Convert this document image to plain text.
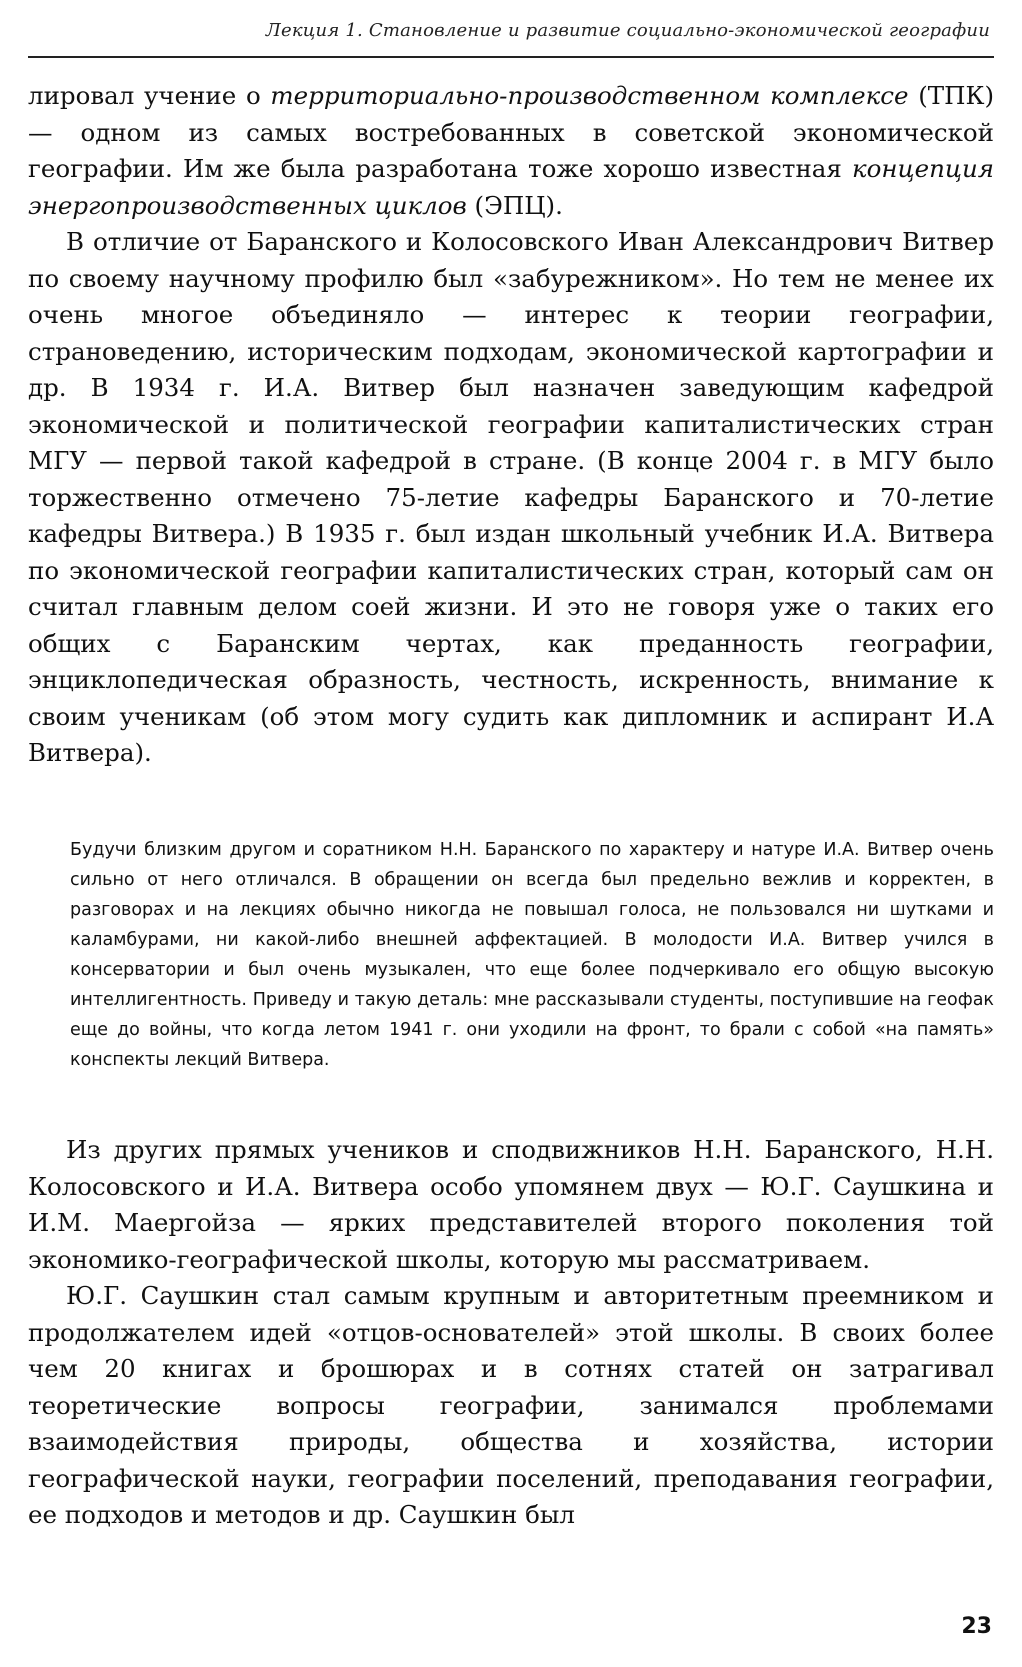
Лекция 1. Становление и развитие социально-экономической географии

лировал учение о территориально-производственном комплексе (ТПК) — одном из самых востребованных в советской экономической географии. Им же была разработана тоже хорошо известная концепция энергопроизводственных циклов (ЭПЦ).

В отличие от Баранского и Колосовского Иван Александрович Витвер по своему научному профилю был «забурежником». Но тем не менее их очень многое объединяло — интерес к теории географии, страноведению, историческим подходам, экономической картографии и др. В 1934 г. И.А. Витвер был назначен заведующим кафедрой экономической и политической географии капиталистических стран МГУ — первой такой кафедрой в стране. (В конце 2004 г. в МГУ было торжественно отмечено 75-летие кафедры Баранского и 70-летие кафедры Витвера.) В 1935 г. был издан школьный учебник И.А. Витвера по экономической географии капиталистических стран, который сам он считал главным делом соей жизни. И это не говоря уже о таких его общих с Баранским чертах, как преданность географии, энциклопедическая образность, честность, искренность, внимание к своим ученикам (об этом могу судить как дипломник и аспирант И.А Витвера).

Будучи близким другом и соратником Н.Н. Баранского по характеру и натуре И.А. Витвер очень сильно от него отличался. В обращении он всегда был предельно вежлив и корректен, в разговорах и на лекциях обычно никогда не повышал голоса, не пользовался ни шутками и каламбурами, ни какой-либо внешней аффектацией. В молодости И.А. Витвер учился в консерватории и был очень музыкален, что еще более подчеркивало его общую высокую интеллигентность. Приведу и такую деталь: мне рассказывали студенты, поступившие на геофак еще до войны, что когда летом 1941 г. они уходили на фронт, то брали с собой «на память» конспекты лекций Витвера.

Из других прямых учеников и сподвижников Н.Н. Баранского, Н.Н. Колосовского и И.А. Витвера особо упомянем двух — Ю.Г. Саушкина и И.М. Маергойза — ярких представителей второго поколения той экономико-географической школы, которую мы рассматриваем.

Ю.Г. Саушкин стал самым крупным и авторитетным преемником и продолжателем идей «отцов-основателей» этой школы. В своих более чем 20 книгах и брошюрах и в сотнях статей он затрагивал теоретические вопросы географии, занимался проблемами взаимодействия природы, общества и хозяйства, истории географической науки, географии поселений, преподавания географии, ее подходов и методов и др. Саушкин был

23
